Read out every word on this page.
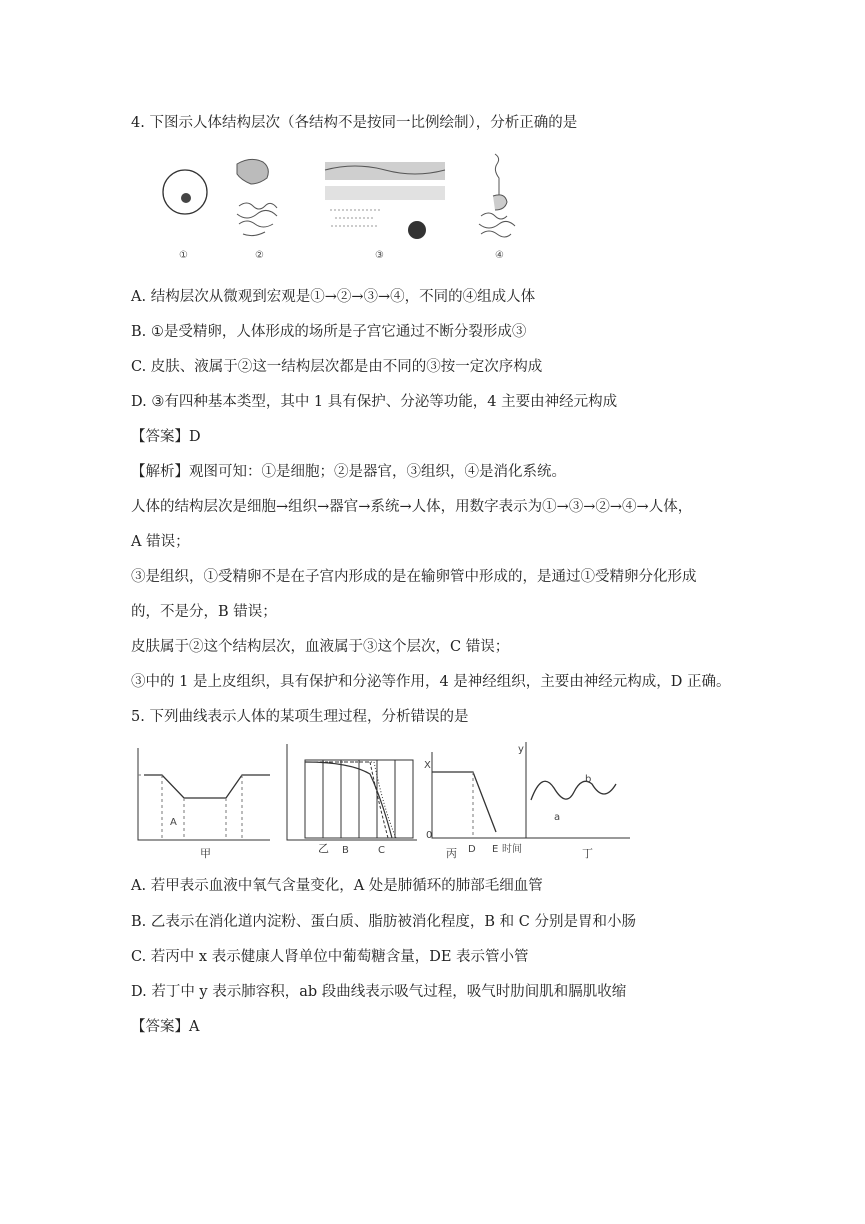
4. 下图示人体结构层次（各结构不是按同一比例绘制），分析正确的是
①	②	③	④
A. 结构层次从微观到宏观是①→②→③→④，不同的④组成人体
B. ①是受精卵，人体形成的场所是子宫它通过不断分裂形成③
C. 皮肤、液属于②这一结构层次都是由不同的③按一定次序构成
D. ③有四种基本类型，其中 1 具有保护、分泌等功能，4 主要由神经元构成
【答案】D
【解析】观图可知：①是细胞；②是器官，③组织，④是消化系统。
人体的结构层次是细胞→组织→器官→系统→人体，用数字表示为①→③→②→④→人体，
A 错误；
③是组织，①受精卵不是在子宫内形成的是在输卵管中形成的，是通过①受精卵分化形成
的，不是分，B 错误；
皮肤属于②这个结构层次，血液属于③这个层次，C 错误；
③中的 1 是上皮组织，具有保护和分泌等作用，4 是神经组织，主要由神经元构成，D 正确。
5. 下列曲线表示人体的某项生理过程，分析错误的是
A
B	C
X
0
D E 时间
y
a
b
甲	乙	丙	丁
A. 若甲表示血液中氧气含量变化，A 处是肺循环的肺部毛细血管
B. 乙表示在消化道内淀粉、蛋白质、脂肪被消化程度，B 和 C 分别是胃和小肠
C. 若丙中 x 表示健康人肾单位中葡萄糖含量，DE 表示管小管
D. 若丁中 y 表示肺容积，ab 段曲线表示吸气过程，吸气时肋间肌和膈肌收缩
【答案】A
